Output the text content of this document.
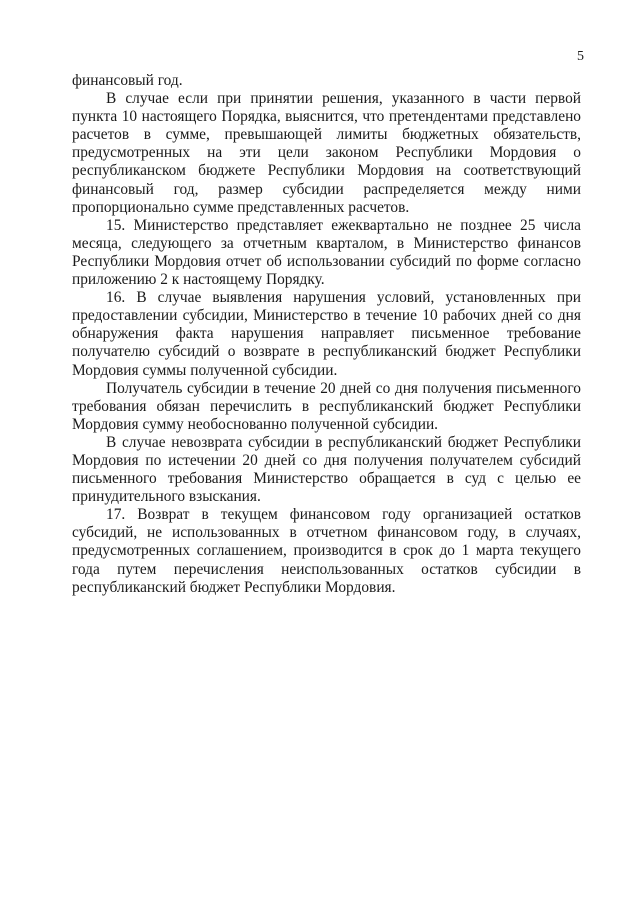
5

финансовый год.

В случае если при принятии решения, указанного в части первой пункта 10 настоящего Порядка, выяснится, что претендентами представлено расчетов в сумме, превышающей лимиты бюджетных обязательств, предусмотренных на эти цели законом Республики Мордовия о республиканском бюджете Республики Мордовия на соответствующий финансовый год, размер субсидии распределяется между ними пропорционально сумме представленных расчетов.

15. Министерство представляет ежеквартально не позднее 25 числа месяца, следующего за отчетным кварталом, в Министерство финансов Республики Мордовия отчет об использовании субсидий по форме согласно приложению 2 к настоящему Порядку.

16. В случае выявления нарушения условий, установленных при предоставлении субсидии, Министерство в течение 10 рабочих дней со дня обнаружения факта нарушения направляет письменное требование получателю субсидий о возврате в республиканский бюджет Республики Мордовия суммы полученной субсидии.

Получатель субсидии в течение 20 дней со дня получения письменного требования обязан перечислить в республиканский бюджет Республики Мордовия сумму необоснованно полученной субсидии.

В случае невозврата субсидии в республиканский бюджет Республики Мордовия по истечении 20 дней со дня получения получателем субсидий письменного требования Министерство обращается в суд с целью ее принудительного взыскания.

17. Возврат в текущем финансовом году организацией остатков субсидий, не использованных в отчетном финансовом году, в случаях, предусмотренных соглашением, производится в срок до 1 марта текущего года путем перечисления неиспользованных остатков субсидии в республиканский бюджет Республики Мордовия.
